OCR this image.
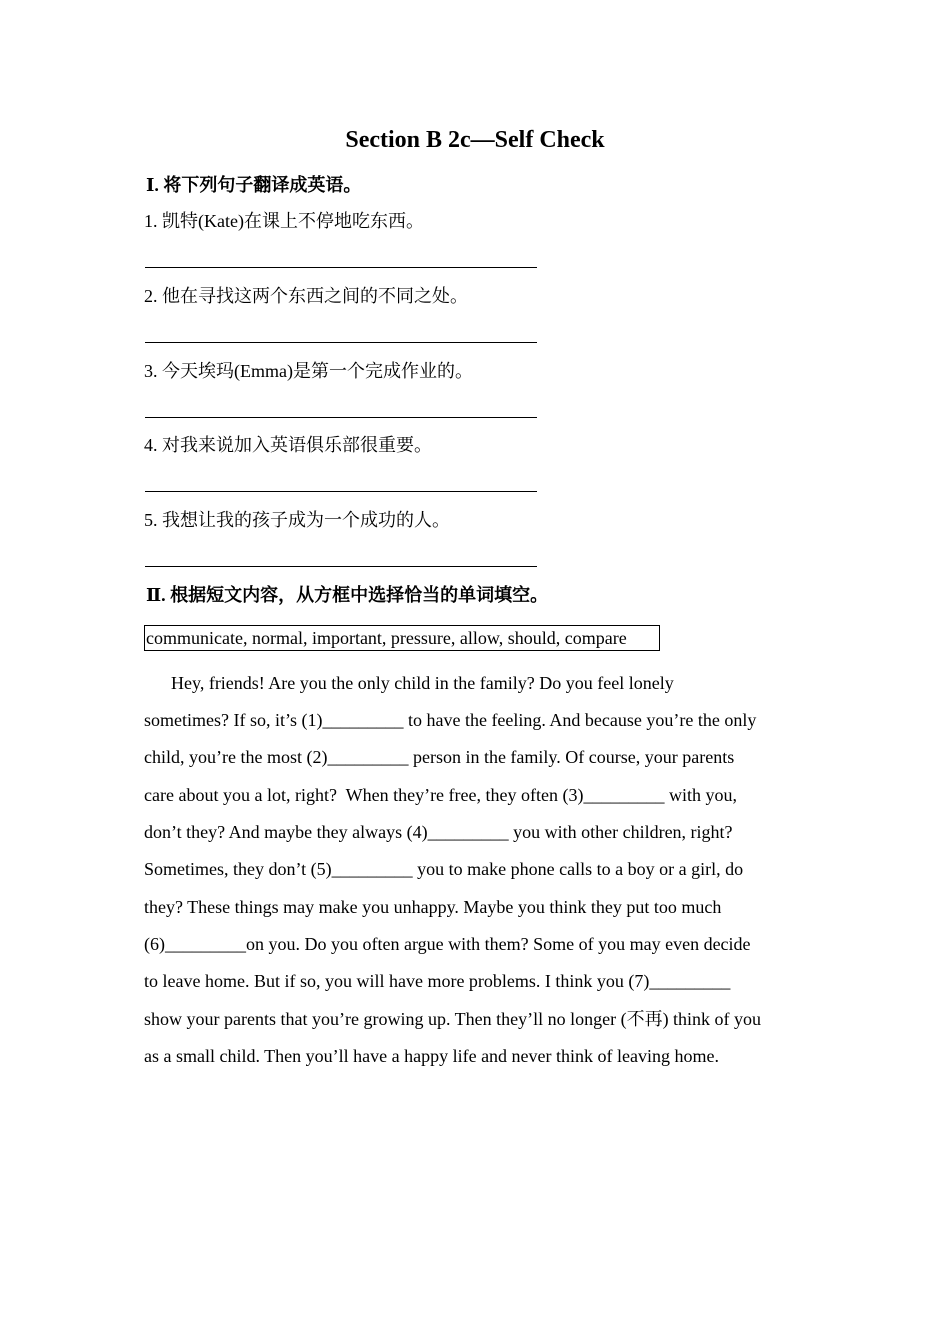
Section B 2c—Self Check
Ⅰ. 将下列句子翻译成英语。
1. 凯特(Kate)在课上不停地吃东西。
2. 他在寻找这两个东西之间的不同之处。
3. 今天埃玛(Emma)是第一个完成作业的。
4. 对我来说加入英语俱乐部很重要。
5. 我想让我的孩子成为一个成功的人。
Ⅱ. 根据短文内容，从方框中选择恰当的单词填空。
communicate, normal, important, pressure, allow, should, compare
Hey, friends! Are you the only child in the family? Do you feel lonely
sometimes? If so, it’s (1)_________ to have the feeling. And because you’re the only
child, you’re the most (2)_________ person in the family. Of course, your parents
care about you a lot, right?  When they’re free, they often (3)_________ with you,
don’t they? And maybe they always (4)_________ you with other children, right?
Sometimes, they don’t (5)_________ you to make phone calls to a boy or a girl, do
they? These things may make you unhappy. Maybe you think they put too much
(6)_________on you. Do you often argue with them? Some of you may even decide
to leave home. But if so, you will have more problems. I think you (7)_________
show your parents that you’re growing up. Then they’ll no longer (不再) think of you
as a small child. Then you’ll have a happy life and never think of leaving home.
